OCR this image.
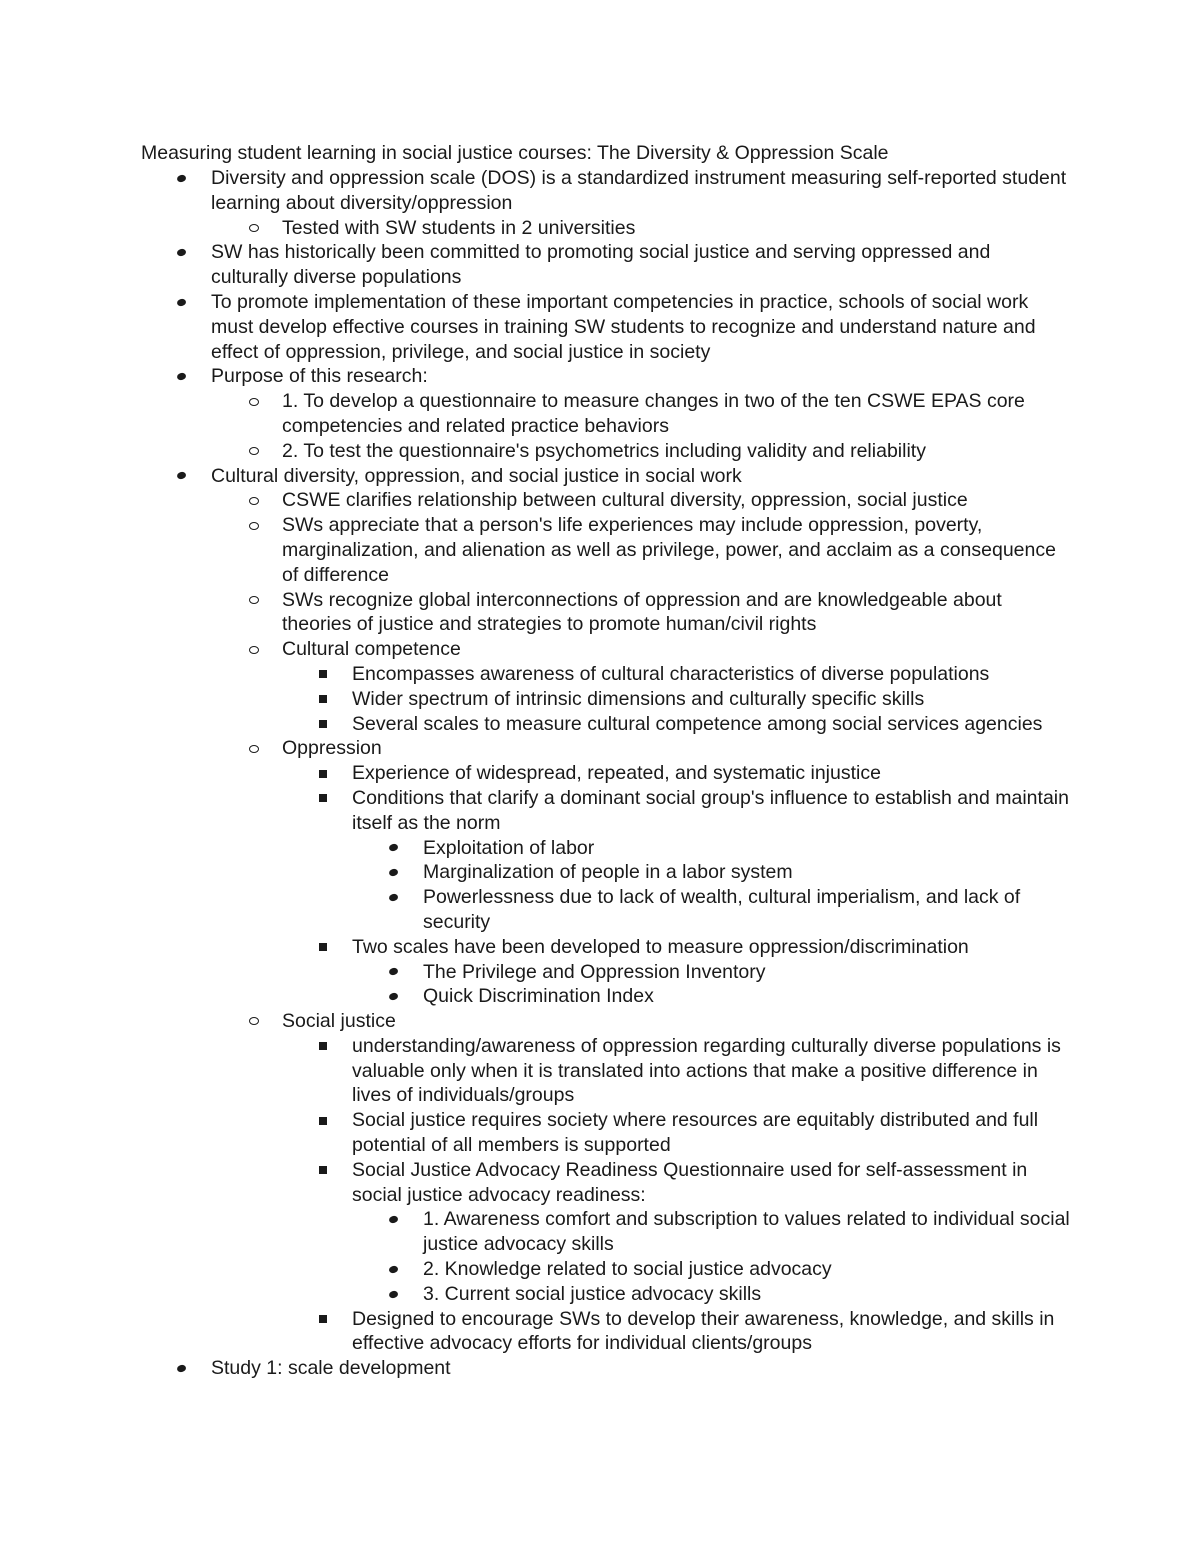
Measuring student learning in social justice courses: The Diversity & Oppression Scale
Diversity and oppression scale (DOS) is a standardized instrument measuring self-reported student learning about diversity/oppression
Tested with SW students in 2 universities
SW has historically been committed to promoting social justice and serving oppressed and culturally diverse populations
To promote implementation of these important competencies in practice, schools of social work must develop effective courses in training SW students to recognize and understand nature and effect of oppression, privilege, and social justice in society
Purpose of this research:
1. To develop a questionnaire to measure changes in two of the ten CSWE EPAS core competencies and related practice behaviors
2. To test the questionnaire's psychometrics including validity and reliability
Cultural diversity, oppression, and social justice in social work
CSWE clarifies relationship between cultural diversity, oppression, social justice
SWs appreciate that a person's life experiences may include oppression, poverty, marginalization, and alienation as well as privilege, power, and acclaim as a consequence of difference
SWs recognize global interconnections of oppression and are knowledgeable about theories of justice and strategies to promote human/civil rights
Cultural competence
Encompasses awareness of cultural characteristics of diverse populations
Wider spectrum of intrinsic dimensions and culturally specific skills
Several scales to measure cultural competence among social services agencies
Oppression
Experience of widespread, repeated, and systematic injustice
Conditions that clarify a dominant social group's influence to establish and maintain itself as the norm
Exploitation of labor
Marginalization of people in a labor system
Powerlessness due to lack of wealth, cultural imperialism, and lack of security
Two scales have been developed to measure oppression/discrimination
The Privilege and Oppression Inventory
Quick Discrimination Index
Social justice
understanding/awareness of oppression regarding culturally diverse populations is valuable only when it is translated into actions that make a positive difference in lives of individuals/groups
Social justice requires society where resources are equitably distributed and full potential of all members is supported
Social Justice Advocacy Readiness Questionnaire used for self-assessment in social justice advocacy readiness:
1. Awareness comfort and subscription to values related to individual social justice advocacy skills
2. Knowledge related to social justice advocacy
3. Current social justice advocacy skills
Designed to encourage SWs to develop their awareness, knowledge, and skills in effective advocacy efforts for individual clients/groups
Study 1: scale development
